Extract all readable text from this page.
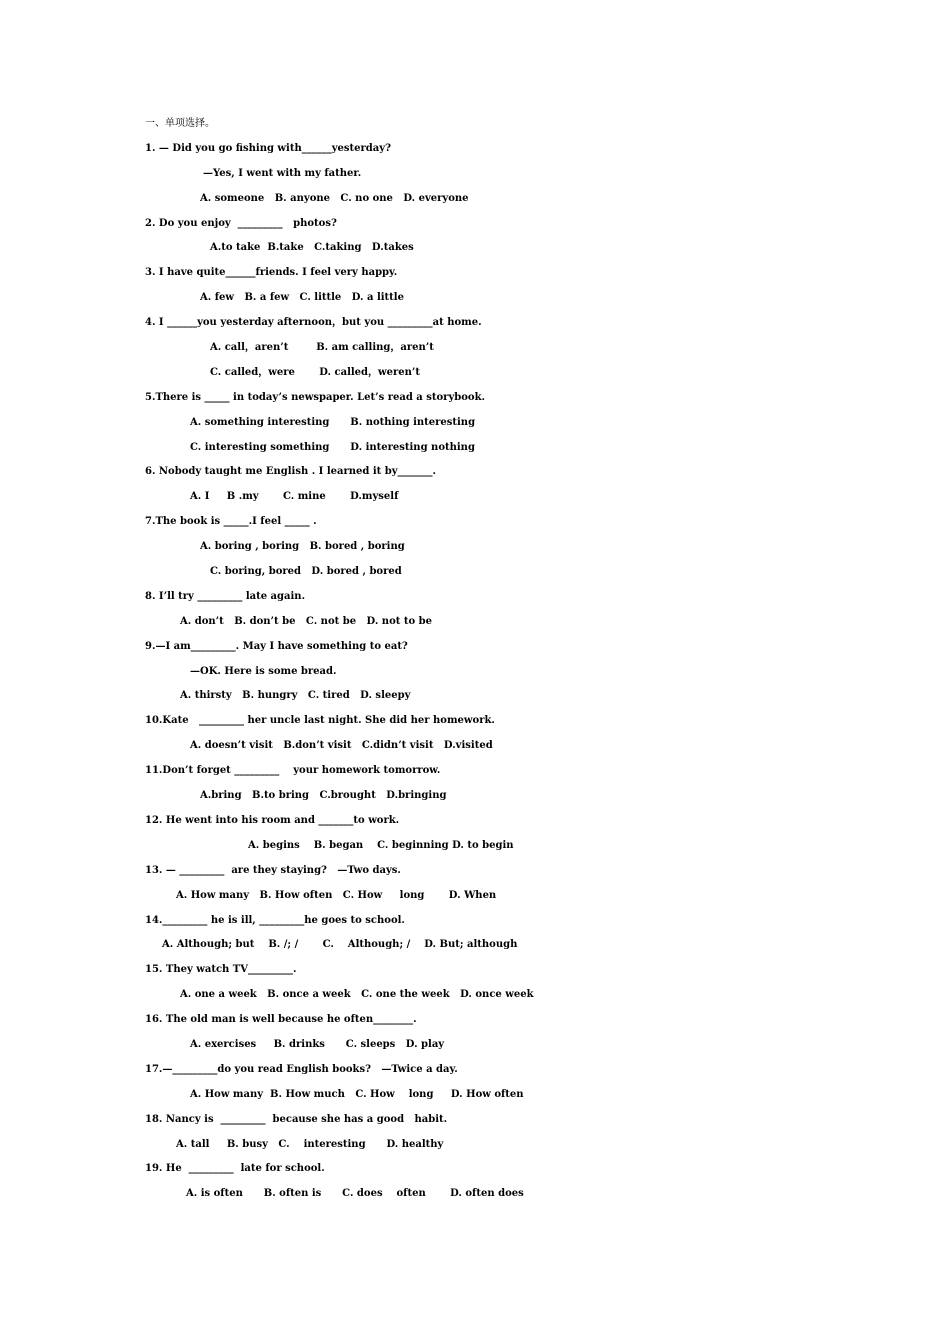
一、单项选择。
1. — Did you go fishing with______yesterday?
—Yes, I went with my father.
A. someone   B. anyone   C. no one   D. everyone
2. Do you enjoy  _________   photos?
A.to take  B.take   C.taking   D.takes
3. I have quite______friends. I feel very happy.
A. few   B. a few   C. little   D. a little
4. I ______you yesterday afternoon，but you _________at home.
A. call，aren’t        B. am calling，aren’t
C. called，were       D. called，weren’t
5.There is _____ in today’s newspaper. Let’s read a storybook.
A. something interesting      B. nothing interesting
C. interesting something      D. interesting nothing
6. Nobody taught me English . I learned it by_______.
A. I     B .my       C. mine       D.myself
7.The book is _____.I feel _____ .
A. boring , boring   B. bored , boring
C. boring, bored   D. bored , bored
8. I’ll try _________ late again.
A. don’t   B. don’t be   C. not be   D. not to be
9.—I am_________. May I have something to eat?
—OK. Here is some bread.
A. thirsty   B. hungry   C. tired   D. sleepy
10.Kate   _________ her uncle last night. She did her homework.
A. doesn’t visit   B.don’t visit   C.didn’t visit   D.visited
11.Don’t forget _________    your homework tomorrow.
A.bring   B.to bring   C.brought   D.bringing
12. He went into his room and _______to work.
A. begins    B. began    C. beginning D. to begin
13. — _________  are they staying?   —Two days.
A. How many   B. How often   C. How     long       D. When
14._________ he is ill, _________he goes to school.
A. Although; but    B. /; /       C.    Although; /    D. But; although
15. They watch TV_________.
A. one a week   B. once a week   C. one the week   D. once week
16. The old man is well because he often________.
A. exercises     B. drinks      C. sleeps   D. play
17.—_________do you read English books?   —Twice a day.
A. How many  B. How much   C. How    long     D. How often
18. Nancy is  _________  because she has a good   habit.
A. tall     B. busy   C.    interesting      D. healthy
19. He  _________  late for school.
A. is often      B. often is      C. does    often       D. often does
